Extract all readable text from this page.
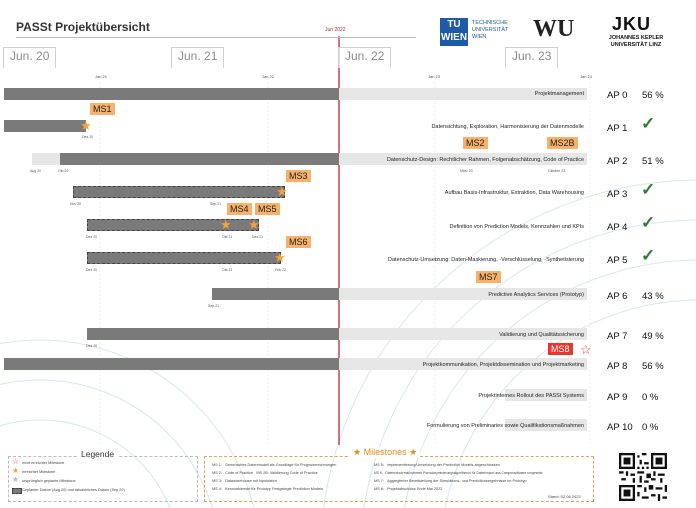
PASSt Projektübersicht	Jun 2022	TU WIEN
TECHNISCHE
UNIVERSITÄT
WIEN	WU JKU
JOHANNES KEPLER
UNIVERSITÄT LINZ
Jun. 20	Jun. 21	Jun. 22	Jun. 23
Jan 21	Jan 22	Jan 23	Jan 24
Projektmanagement
MS1
★
Dez 20
Datensichtung, Exploration, Harmonisierung der Datenmodelle
MS2	MS2B
Aug 20	Okt 20	März 23	Oktober 23
Datenschutz-Design: Rechtlicher Rahmen, Folgenabschätzung, Code of Practice
MS3
★
Nov 20	Sep 21
Aufbau Basis-Infrastruktur, Extraktion, Data Warehousing
MS4	MS5
★ ★
Dez 20	Okt 21	Dez 21
Definition von Prediction Models, Kennzahlen und KPIs
MS6
★
Dez 20	Okt 21	Feb 22
Datenschutz-Umsetzung: Daten-Maskierung, -Verschlüsselung, -Synthetisierung
MS7
Sep 21
Predictive Analytics Services (Prototyp)
Dez 20
Validierung und Qualitätssicherung
MS8 ☆
Projektkommunikation, Projektdissemination und Projektmarketing
Projektinternes Rollout des PASSt Systems
Formulierung von Preliminaries sowie Qualifikationsmaßnahmen
AP 0	56 %
AP 1 ✓
AP 2	51 %
AP 3 ✓
AP 4 ✓
AP 5 ✓
AP 6	43 %
AP 7	49 %
AP 8	56 %
AP 9	0 %
AP 10 0 %
Legende
☆ nicht erreichter Milestone
★ erreichter Milestone
★ ursprünglich geplante Milestone
Geplanter Datum (Aug 20) und tatsächliches Datum (Sep 20)
★ Milestones ★
MS 1: Generisches Datenmodell als Grundlage für Prognoserechnungen
MS 2: Code of Practice MS 2B: Validierung Code of Practice
MS 3: Datawarehouse mit Inputdaten
MS 4: Kennzahlenset für Prototyp Festgelegte Prediction Models
MS 5: Implementierung/Umsetzung der Prediction Models abgeschlossen
MS 6: Datenschutzmaßnahmen Pseudonymisierungsalgorithmus für Datenimport aus Campussoftware umgesetzt
MS 7: Aggregierter Bereitstellung der Simulations- und Predictionsergebnisse im Prototyp
MS 8: Projektabschluss Ende Mai 2022
Stand: 02.06.2022
